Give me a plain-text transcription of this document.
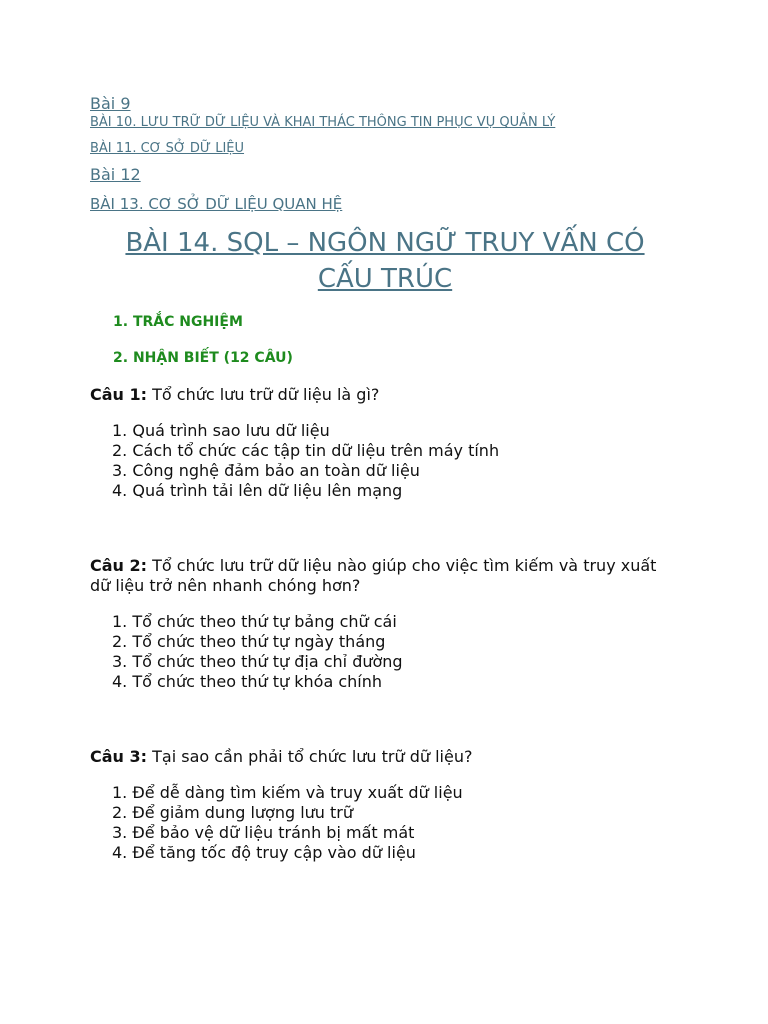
Bài 9
BÀI 10. LƯU TRỮ DỮ LIỆU VÀ KHAI THÁC THÔNG TIN PHỤC VỤ QUẢN LÝ
BÀI 11. CƠ SỞ DỮ LIỆU
Bài 12
BÀI 13. CƠ SỞ DỮ LIỆU QUAN HỆ
BÀI 14. SQL – NGÔN NGỮ TRUY VẤN CÓ
CẤU TRÚC
1. TRẮC NGHIỆM
2. NHẬN BIẾT (12 CÂU)

Câu 1: Tổ chức lưu trữ dữ liệu là gì?

1. Quá trình sao lưu dữ liệu
2. Cách tổ chức các tập tin dữ liệu trên máy tính
3. Công nghệ đảm bảo an toàn dữ liệu
4. Quá trình tải lên dữ liệu lên mạng

Câu 2: Tổ chức lưu trữ dữ liệu nào giúp cho việc tìm kiếm và truy xuất dữ liệu trở nên nhanh chóng hơn?

1. Tổ chức theo thứ tự bảng chữ cái
2. Tổ chức theo thứ tự ngày tháng
3. Tổ chức theo thứ tự địa chỉ đường
4. Tổ chức theo thứ tự khóa chính

Câu 3: Tại sao cần phải tổ chức lưu trữ dữ liệu?

1. Để dễ dàng tìm kiếm và truy xuất dữ liệu
2. Để giảm dung lượng lưu trữ
3. Để bảo vệ dữ liệu tránh bị mất mát
4. Để tăng tốc độ truy cập vào dữ liệu
